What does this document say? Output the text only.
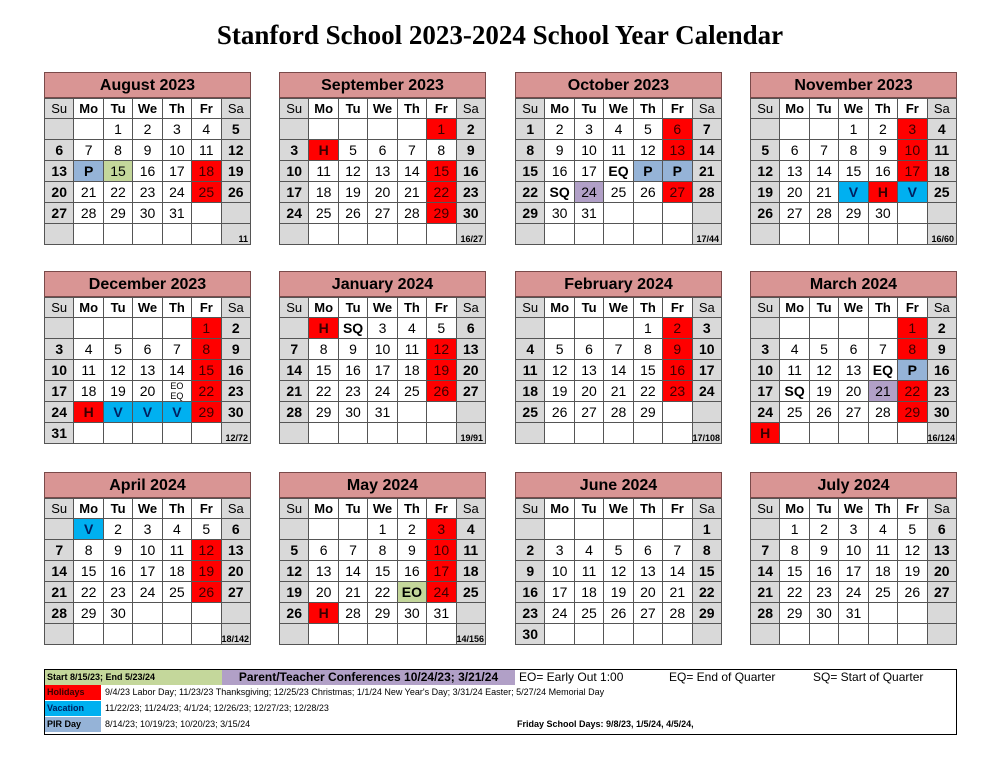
Stanford School 2023-2024 School Year Calendar
August 2023
Su	Mo	Tu	We	Th	Fr	Sa
		1	2	3	4	5
6	7	8	9	10	11	12
13	P	15	16	17	18	19
20	21	22	23	24	25	26
27	28	29	30	31		
						11
September 2023
Su	Mo	Tu	We	Th	Fr	Sa
					1	2
3	H	5	6	7	8	9
10	11	12	13	14	15	16
17	18	19	20	21	22	23
24	25	26	27	28	29	30
						16/27
October 2023
Su	Mo	Tu	We	Th	Fr	Sa
1	2	3	4	5	6	7
8	9	10	11	12	13	14
15	16	17	EQ	P	P	21
22	SQ	24	25	26	27	28
29	30	31				
						17/44
November 2023
Su	Mo	Tu	We	Th	Fr	Sa
			1	2	3	4
5	6	7	8	9	10	11
12	13	14	15	16	17	18
19	20	21	V	H	V	25
26	27	28	29	30		
						16/60
December 2023
Su	Mo	Tu	We	Th	Fr	Sa
					1	2
3	4	5	6	7	8	9
10	11	12	13	14	15	16
17	18	19	20	EO EQ	22	23
24	H	V	V	V	29	30
31						12/72
January 2024
Su	Mo	Tu	We	Th	Fr	Sa
	H	SQ	3	4	5	6
7	8	9	10	11	12	13
14	15	16	17	18	19	20
21	22	23	24	25	26	27
28	29	30	31			
						19/91
February 2024
Su	Mo	Tu	We	Th	Fr	Sa
				1	2	3
4	5	6	7	8	9	10
11	12	13	14	15	16	17
18	19	20	21	22	23	24
25	26	27	28	29		
						17/108
March 2024
Su	Mo	Tu	We	Th	Fr	Sa
					1	2
3	4	5	6	7	8	9
10	11	12	13	EQ	P	16
17	SQ	19	20	21	22	23
24	25	26	27	28	29	30
H						16/124
April 2024
Su	Mo	Tu	We	Th	Fr	Sa
	V	2	3	4	5	6
7	8	9	10	11	12	13
14	15	16	17	18	19	20
21	22	23	24	25	26	27
28	29	30				
						18/142
May 2024
Su	Mo	Tu	We	Th	Fr	Sa
			1	2	3	4
5	6	7	8	9	10	11
12	13	14	15	16	17	18
19	20	21	22	EO	24	25
26	H	28	29	30	31	
						14/156
June 2024
Su	Mo	Tu	We	Th	Fr	Sa
						1
2	3	4	5	6	7	8
9	10	11	12	13	14	15
16	17	18	19	20	21	22
23	24	25	26	27	28	29
30						
July 2024
Su	Mo	Tu	We	Th	Fr	Sa
	1	2	3	4	5	6
7	8	9	10	11	12	13
14	15	16	17	18	19	20
21	22	23	24	25	26	27
28	29	30	31			

Start 8/15/23; End 5/23/24	Parent/Teacher Conferences 10/24/23; 3/21/24	EO= Early Out 1:00	EQ= End of Quarter	SQ= Start of Quarter
Holidays	9/4/23 Labor Day; 11/23/23 Thanksgiving; 12/25/23 Christmas; 1/1/24 New Year's Day; 3/31/24 Easter; 5/27/24 Memorial Day
Vacation	11/22/23; 11/24/23; 4/1/24; 12/26/23; 12/27/23; 12/28/23
PIR Day	8/14/23; 10/19/23; 10/20/23; 3/15/24	Friday School Days: 9/8/23, 1/5/24, 4/5/24,
